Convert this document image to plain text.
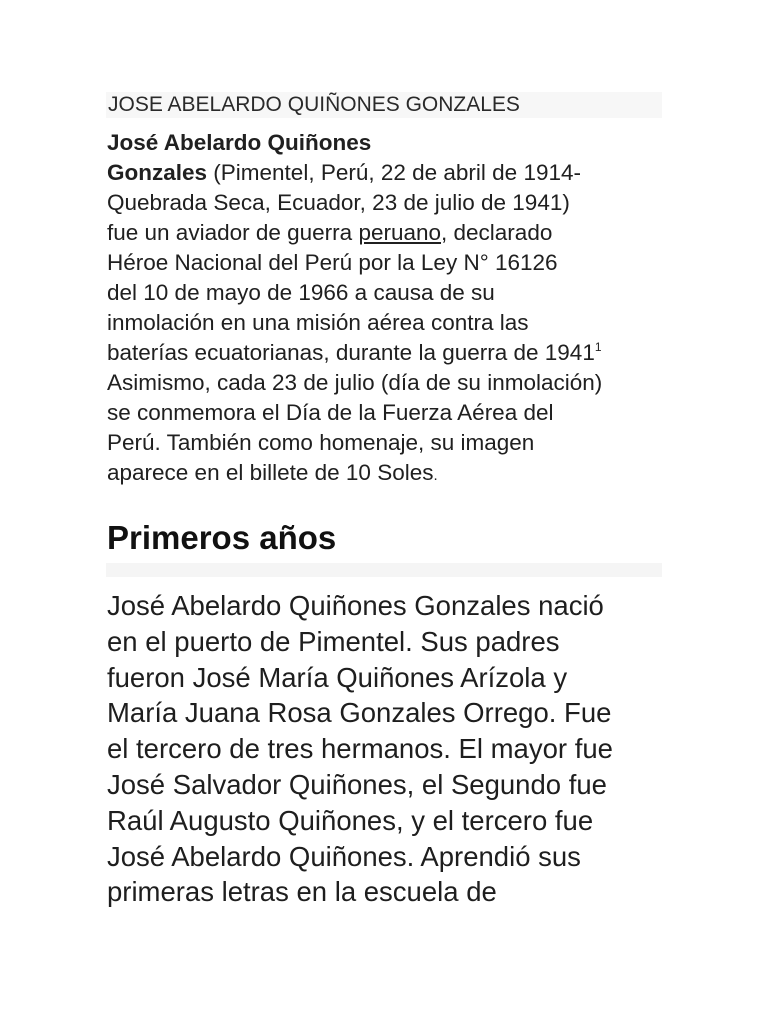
JOSE ABELARDO QUIÑONES GONZALES
José Abelardo Quiñones
Gonzales (Pimentel, Perú, 22 de abril de 1914-
Quebrada Seca, Ecuador, 23 de julio de 1941)
fue un aviador de guerra peruano, declarado
Héroe Nacional del Perú por la Ley N° 16126
del 10 de mayo de 1966 a causa de su
inmolación en una misión aérea contra las
baterías ecuatorianas, durante la guerra de 1941$^1$
Asimismo, cada 23 de julio (día de su inmolación)
se conmemora el Día de la Fuerza Aérea del
Perú. También como homenaje, su imagen
aparece en el billete de 10 Soles.
Primeros años
José Abelardo Quiñones Gonzales nació
en el puerto de Pimentel. Sus padres
fueron José María Quiñones Arízola y
María Juana Rosa Gonzales Orrego. Fue
el tercero de tres hermanos. El mayor fue
José Salvador Quiñones, el Segundo fue
Raúl Augusto Quiñones, y el tercero fue
José Abelardo Quiñones. Aprendió sus
primeras letras en la escuela de
